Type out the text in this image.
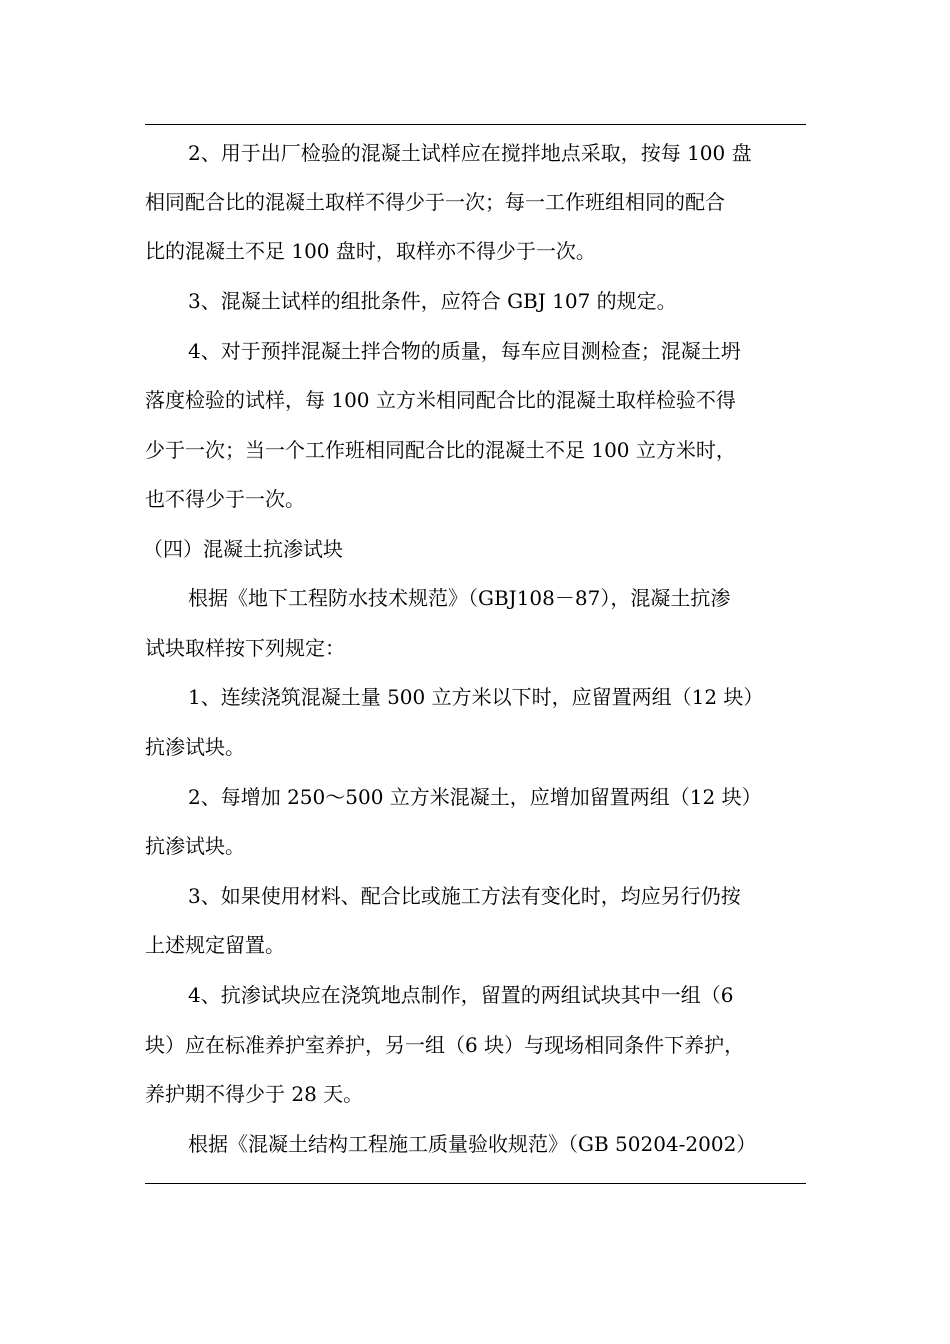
2、用于出厂检验的混凝土试样应在搅拌地点采取，按每 100 盘
相同配合比的混凝土取样不得少于一次；每一工作班组相同的配合
比的混凝土不足 100 盘时，取样亦不得少于一次。
3、混凝土试样的组批条件，应符合 GBJ 107 的规定。
4、对于预拌混凝土拌合物的质量，每车应目测检查；混凝土坍
落度检验的试样，每 100 立方米相同配合比的混凝土取样检验不得
少于一次；当一个工作班相同配合比的混凝土不足 100 立方米时，
也不得少于一次。
（四）混凝土抗渗试块
根据《地下工程防水技术规范》（GBJ108－87），混凝土抗渗
试块取样按下列规定：
1、连续浇筑混凝土量 500 立方米以下时，应留置两组（12 块）
抗渗试块。
2、每增加 250～500 立方米混凝土，应增加留置两组（12 块）
抗渗试块。
3、如果使用材料、配合比或施工方法有变化时，均应另行仍按
上述规定留置。
4、抗渗试块应在浇筑地点制作，留置的两组试块其中一组（6
块）应在标准养护室养护，另一组（6 块）与现场相同条件下养护，
养护期不得少于 28 天。
根据《混凝土结构工程施工质量验收规范》（GB 50204-2002）
